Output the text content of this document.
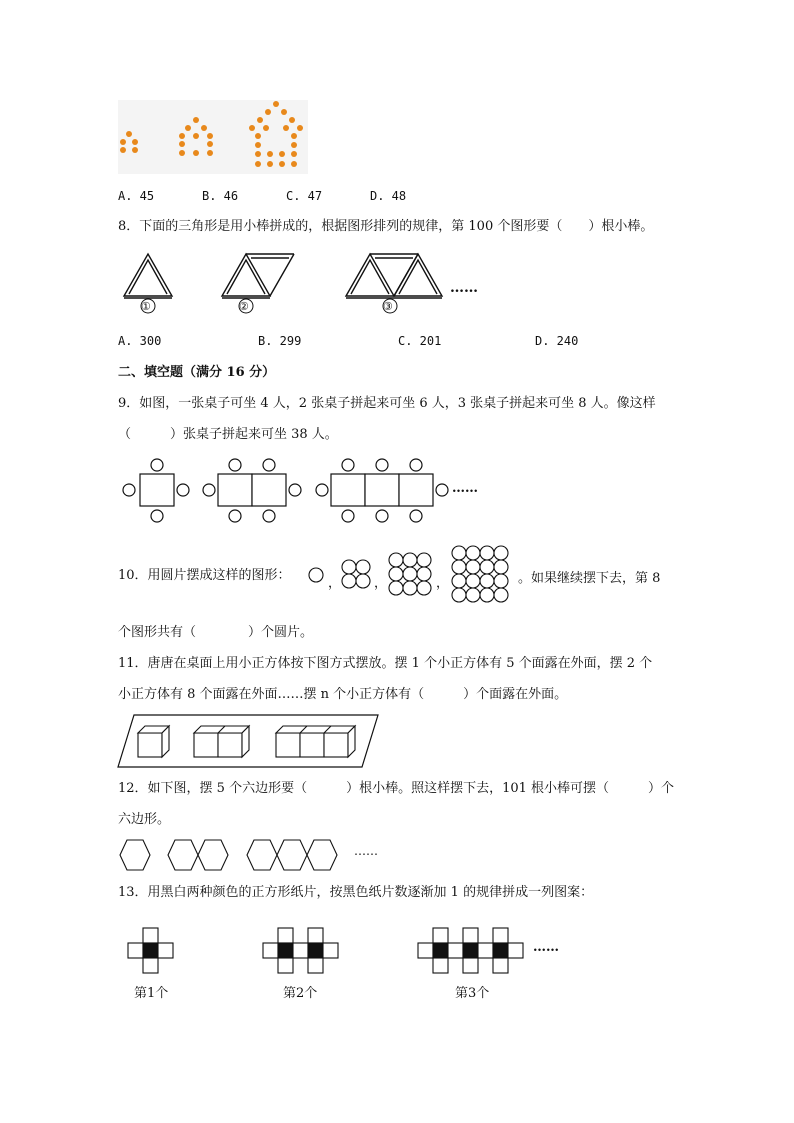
A. 45	B. 46	C. 47	D. 48
8．下面的三角形是用小棒拼成的，根据图形排列的规律，第 100 个图形要（　　）根小棒。
①	②	③
……
A. 300	B. 299	C. 201	D. 240
二、填空题（满分 16 分）
9．如图，一张桌子可坐 4 人，2 张桌子拼起来可坐 6 人，3 张桌子拼起来可坐 8 人。像这样
（　　　）张桌子拼起来可坐 38 人。
……
10．用圆片摆成这样的图形：
，	，	，	。如果继续摆下去，第 8
个图形共有（　　　　）个圆片。
11．唐唐在桌面上用小正方体按下图方式摆放。摆 1 个小正方体有 5 个面露在外面，摆 2 个
小正方体有 8 个面露在外面……摆 n 个小正方体有（　　　）个面露在外面。
12．如下图，摆 5 个六边形要（　　　）根小棒。照这样摆下去，101 根小棒可摆（　　　）个
六边形。
……
13．用黑白两种颜色的正方形纸片，按黑色纸片数逐渐加 1 的规律拼成一列图案：
……
第1个	第2个	第3个
